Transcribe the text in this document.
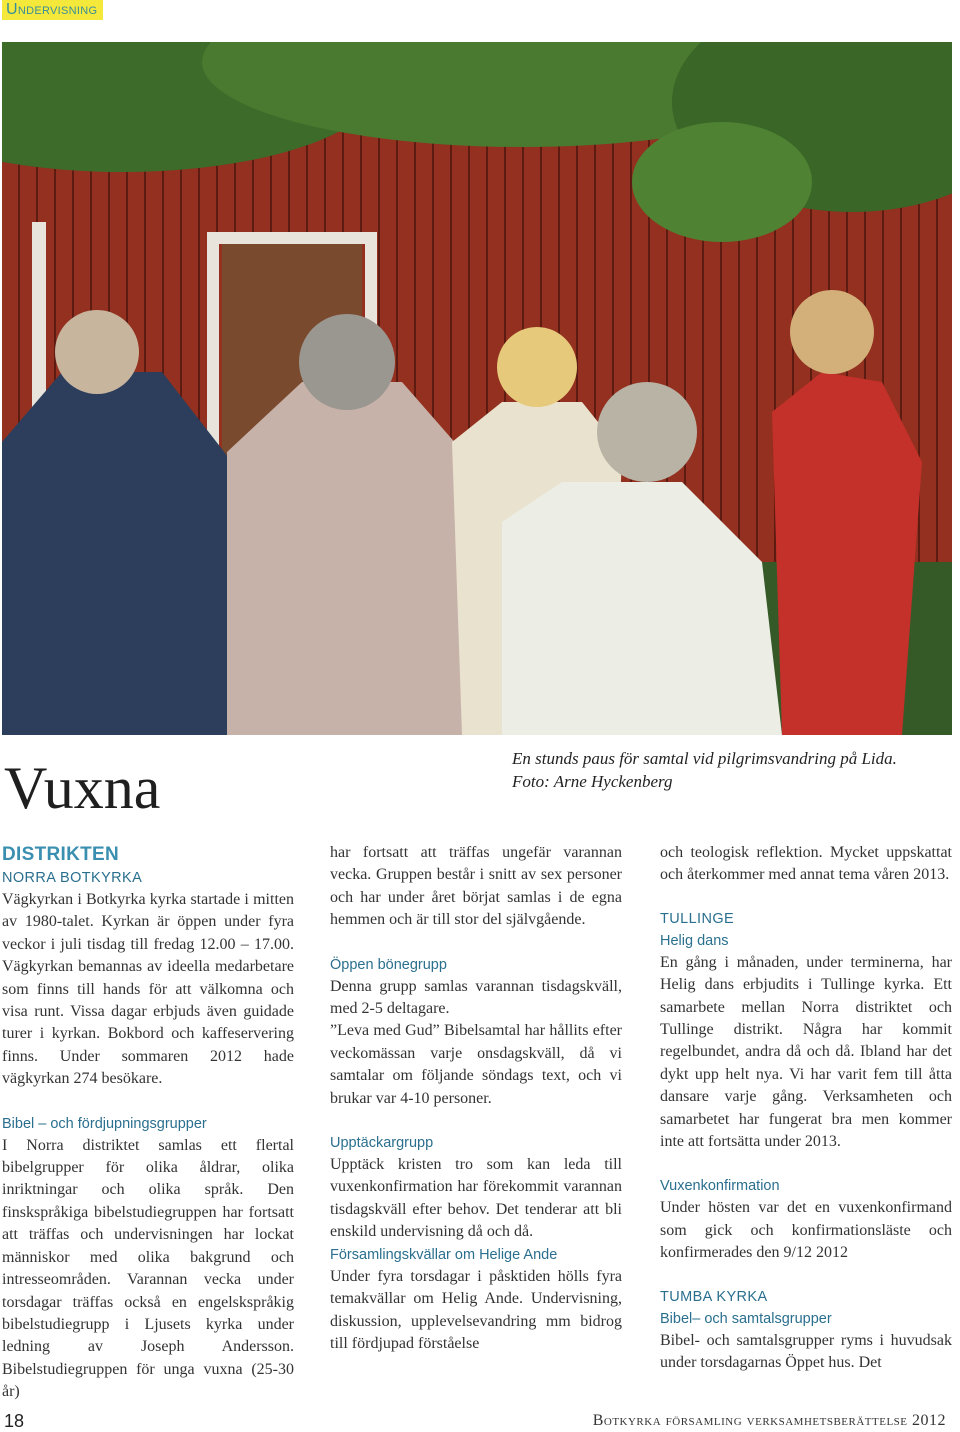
Undervisning
Vuxna	En stunds paus för samtal vid pilgrimsvandring på Lida.
Foto: Arne Hyckenberg
DISTRIKTEN
NORRA BOTKYRKA

Vägkyrkan i Botkyrka kyrka startade i mitten av 1980-talet. Kyrkan är öppen under fyra veckor i juli tisdag till fredag 12.00 – 17.00. Vägkyrkan bemannas av ideella medarbetare som finns till hands för att välkomna och visa runt. Vissa dagar erbjuds även guidade turer i kyrkan. Bokbord och kaffeservering finns. Under sommaren 2012 hade vägkyrkan 274 besökare.

Bibel – och fördjupningsgrupper

I Norra distriktet samlas ett flertal bibelgrupper för olika åldrar, olika inriktningar och olika språk. Den finskspråkiga bibelstudiegruppen har fortsatt att träffas och undervisningen har lockat människor med olika bakgrund och intresseområden. Varannan vecka under torsdagar träffas också en engelskspråkig bibelstudiegrupp i Ljusets kyrka under ledning av Joseph Andersson. Bibelstudiegruppen för unga vuxna (25-30 år)

har fortsatt att träffas ungefär varannan vecka. Gruppen består i snitt av sex personer och har under året börjat samlas i de egna hemmen och är till stor del självgående.

Öppen bönegrupp

Denna grupp samlas varannan tisdagskväll, med 2-5 deltagare.

”Leva med Gud” Bibelsamtal har hållits efter veckomässan varje onsdagskväll, då vi samtalar om följande söndags text, och vi brukar var 4-10 personer.

Upptäckargrupp

Upptäck kristen tro som kan leda till vuxenkonfirmation har förekommit varannan tisdagskväll efter behov. Det tenderar att bli enskild undervisning då och då.

Församlingskvällar om Helige Ande

Under fyra torsdagar i påsktiden hölls fyra temakvällar om Helig Ande. Undervisning, diskussion, upplevelsevandring mm bidrog till fördjupad förståelse

och teologisk reflektion. Mycket uppskattat och återkommer med annat tema våren 2013.

TULLINGE
Helig dans

En gång i månaden, under terminerna, har Helig dans erbjudits i Tullinge kyrka. Ett samarbete mellan Norra distriktet och Tullinge distrikt. Några har kommit regelbundet, andra då och då. Ibland har det dykt upp helt nya. Vi har varit fem till åtta dansare varje gång. Verksamheten och samarbetet har fungerat bra men kommer inte att fortsätta under 2013.

Vuxenkonfirmation

Under hösten var det en vuxenkonfirmand som gick och konfirmationsläste och konfirmerades den 9/12 2012

TUMBA KYRKA
Bibel– och samtalsgrupper

Bibel- och samtalsgrupper ryms i huvudsak under torsdagarnas Öppet hus. Det

18	Botkyrka församling verksamhetsberättelse 2012
